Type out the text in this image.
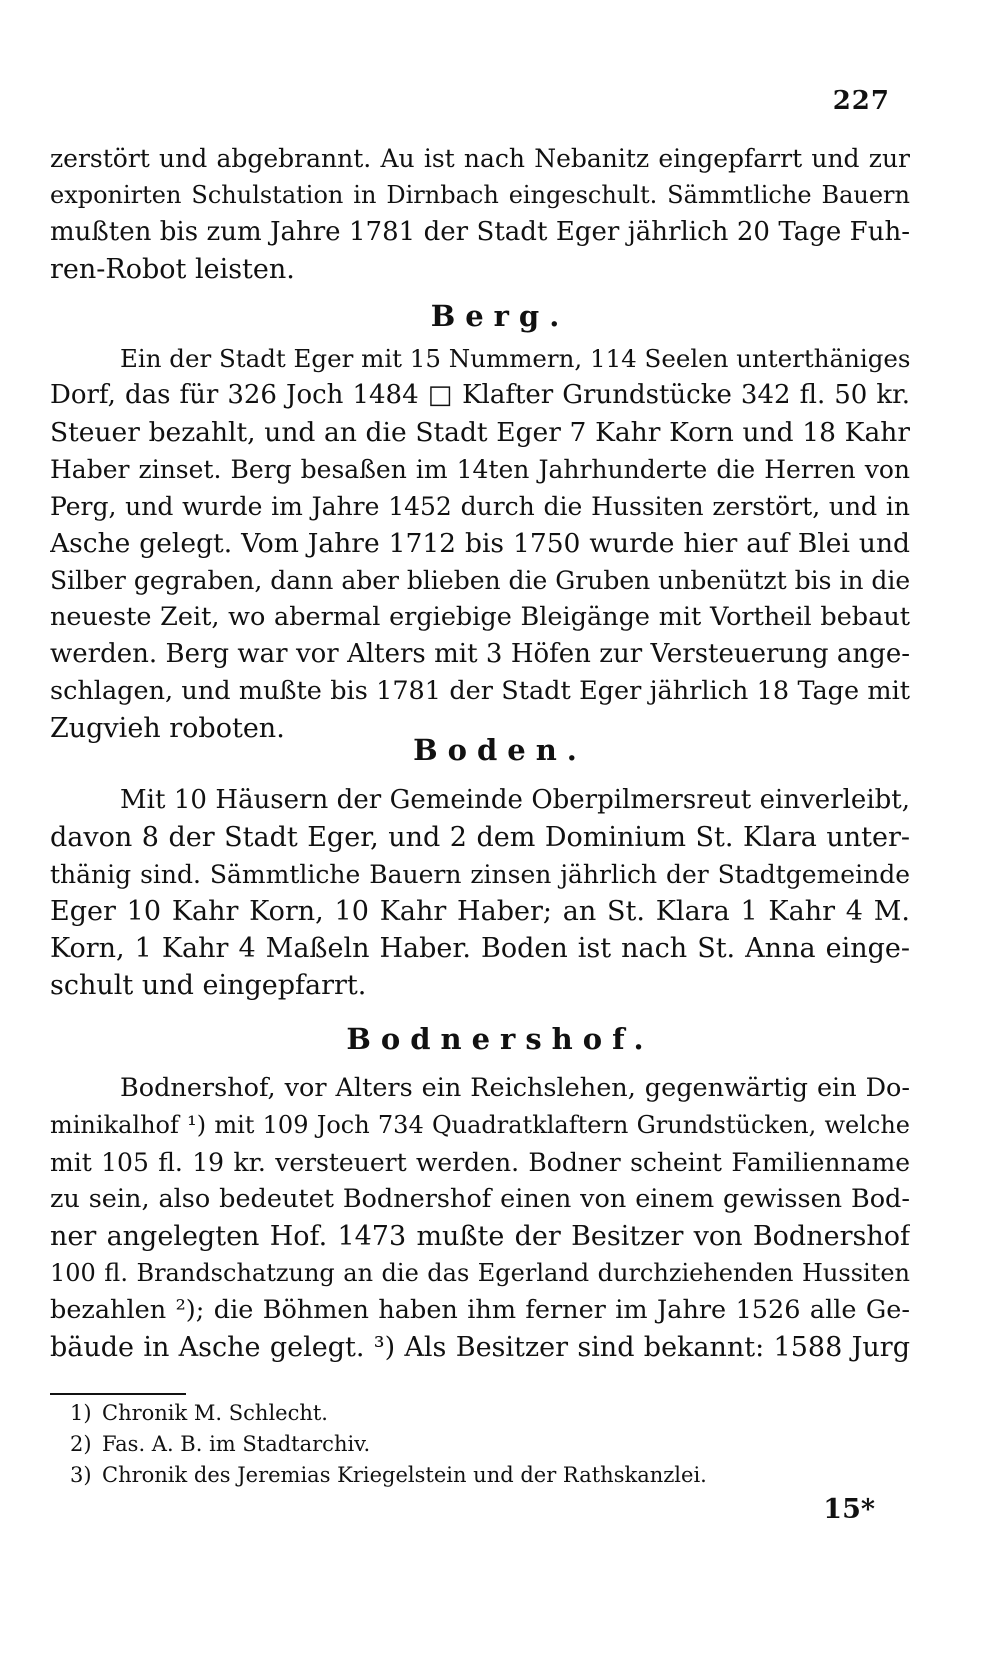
227
zerstört und abgebrannt. Au ist nach Nebanitz eingepfarrt und zur
exponirten Schulstation in Dirnbach eingeschult. Sämmtliche Bauern
mußten bis zum Jahre 1781 der Stadt Eger jährlich 20 Tage Fuh-
ren-Robot leisten.
Berg.
Ein der Stadt Eger mit 15 Nummern, 114 Seelen unterthäniges
Dorf, das für 326 Joch 1484 □ Klafter Grundstücke 342 fl. 50 kr.
Steuer bezahlt, und an die Stadt Eger 7 Kahr Korn und 18 Kahr
Haber zinset. Berg besaßen im 14ten Jahrhunderte die Herren von
Perg, und wurde im Jahre 1452 durch die Hussiten zerstört, und in
Asche gelegt. Vom Jahre 1712 bis 1750 wurde hier auf Blei und
Silber gegraben, dann aber blieben die Gruben unbenützt bis in die
neueste Zeit, wo abermal ergiebige Bleigänge mit Vortheil bebaut
werden. Berg war vor Alters mit 3 Höfen zur Versteuerung ange-
schlagen, und mußte bis 1781 der Stadt Eger jährlich 18 Tage mit
Zugvieh roboten.
Boden.
Mit 10 Häusern der Gemeinde Oberpilmersreut einverleibt,
davon 8 der Stadt Eger, und 2 dem Dominium St. Klara unter-
thänig sind. Sämmtliche Bauern zinsen jährlich der Stadtgemeinde
Eger 10 Kahr Korn, 10 Kahr Haber; an St. Klara 1 Kahr 4 M.
Korn, 1 Kahr 4 Maßeln Haber. Boden ist nach St. Anna einge-
schult und eingepfarrt.
Bodnershof.
Bodnershof, vor Alters ein Reichslehen, gegenwärtig ein Do-
minikalhof ¹) mit 109 Joch 734 Quadratklaftern Grundstücken, welche
mit 105 fl. 19 kr. versteuert werden. Bodner scheint Familienname
zu sein, also bedeutet Bodnershof einen von einem gewissen Bod-
ner angelegten Hof. 1473 mußte der Besitzer von Bodnershof
100 fl. Brandschatzung an die das Egerland durchziehenden Hussiten
bezahlen ²); die Böhmen haben ihm ferner im Jahre 1526 alle Ge-
bäude in Asche gelegt. ³) Als Besitzer sind bekannt: 1588 Jurg
1) Chronik M. Schlecht.
2) Fas. A. B. im Stadtarchiv.
3) Chronik des Jeremias Kriegelstein und der Rathskanzlei.
15*
